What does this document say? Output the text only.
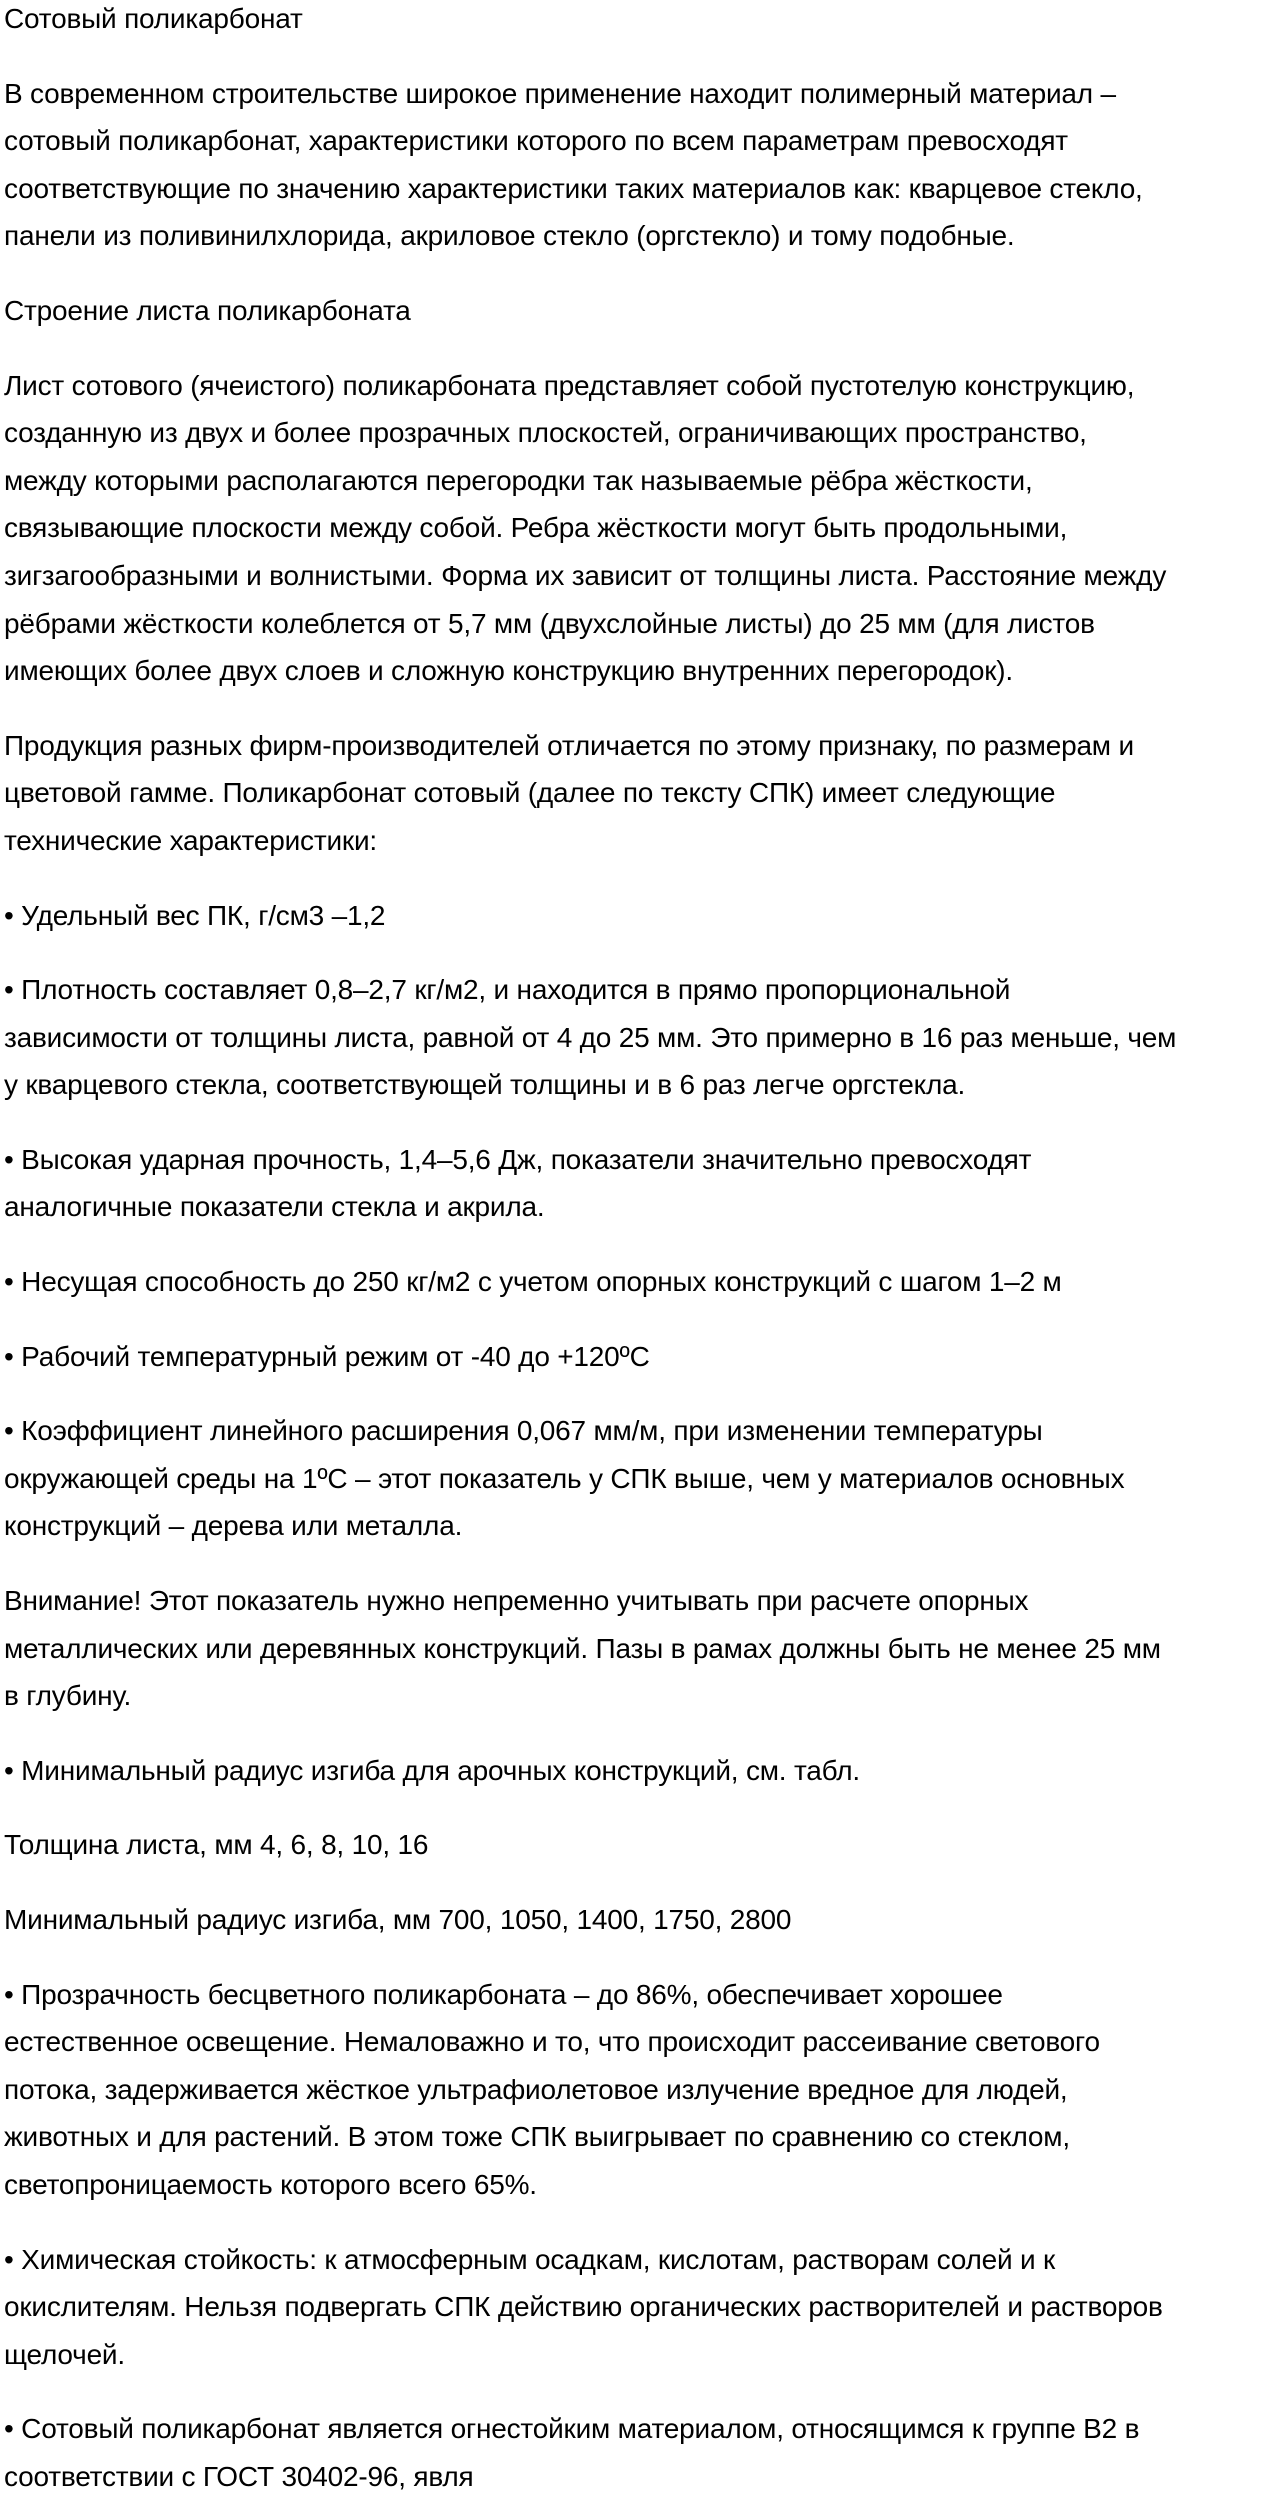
Сотовый поликарбонат
В современном строительстве широкое применение находит полимерный материал –
сотовый поликарбонат, характеристики которого по всем параметрам превосходят
соответствующие по значению характеристики таких материалов как: кварцевое стекло,
панели из поливинилхлорида, акриловое стекло (оргстекло) и тому подобные.
Строение листа поликарбоната
Лист сотового (ячеистого) поликарбоната представляет собой пустотелую конструкцию,
созданную из двух и более прозрачных плоскостей, ограничивающих пространство,
между которыми располагаются перегородки так называемые рёбра жёсткости,
связывающие плоскости между собой. Ребра жёсткости могут быть продольными,
зигзагообразными и волнистыми. Форма их зависит от толщины листа. Расстояние между
рёбрами жёсткости колеблется от 5,7 мм (двухслойные листы) до 25 мм (для листов
имеющих более двух слоев и сложную конструкцию внутренних перегородок).
Продукция разных фирм-производителей отличается по этому признаку, по размерам и
цветовой гамме. Поликарбонат сотовый (далее по тексту СПК) имеет следующие
технические характеристики:
• Удельный вес ПК, г/см3 –1,2
• Плотность составляет 0,8–2,7 кг/м2, и находится в прямо пропорциональной
зависимости от толщины листа, равной от 4 до 25 мм. Это примерно в 16 раз меньше, чем
у кварцевого стекла, соответствующей толщины и в 6 раз легче оргстекла.
• Высокая ударная прочность, 1,4–5,6 Дж, показатели значительно превосходят
аналогичные показатели стекла и акрила.
• Несущая способность до 250 кг/м2 с учетом опорных конструкций с шагом 1–2 м
• Рабочий температурный режим от -40 до +120ºС
• Коэффициент линейного расширения 0,067 мм/м, при изменении температуры
окружающей среды на 1ºС – этот показатель у СПК выше, чем у материалов основных
конструкций – дерева или металла.
Внимание! Этот показатель нужно непременно учитывать при расчете опорных
металлических или деревянных конструкций. Пазы в рамах должны быть не менее 25 мм
в глубину.
• Минимальный радиус изгиба для арочных конструкций, см. табл.
Толщина листа, мм 4, 6, 8, 10, 16
Минимальный радиус изгиба, мм 700, 1050, 1400, 1750, 2800
• Прозрачность бесцветного поликарбоната – до 86%, обеспечивает хорошее
естественное освещение. Немаловажно и то, что происходит рассеивание светового
потока, задерживается жёсткое ультрафиолетовое излучение вредное для людей,
животных и для растений. В этом тоже СПК выигрывает по сравнению со стеклом,
светопроницаемость которого всего 65%.
• Химическая стойкость: к атмосферным осадкам, кислотам, растворам солей и к
окислителям. Нельзя подвергать СПК действию органических растворителей и растворов
щелочей.
• Сотовый поликарбонат является огнестойким материалом, относящимся к группе В2 в
соответствии с ГОСТ 30402-96, явля
